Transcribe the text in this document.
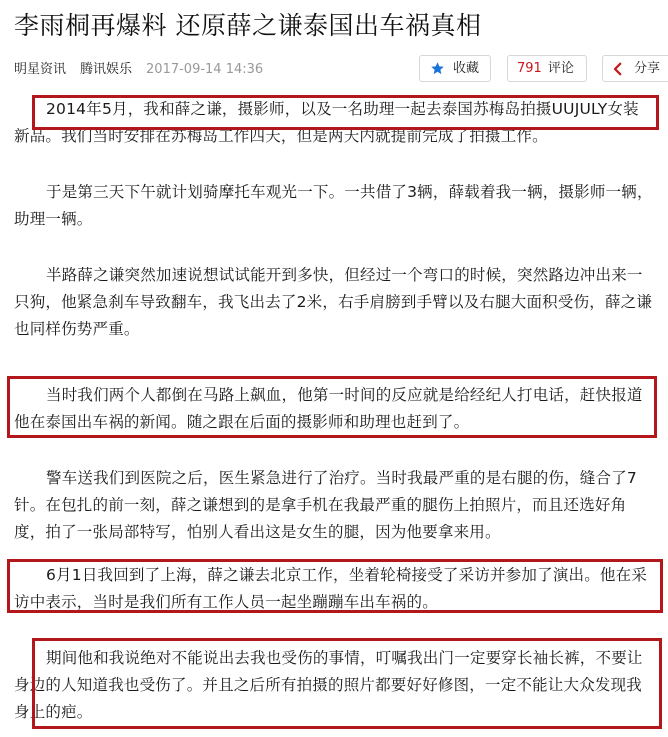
李雨桐再爆料 还原薛之谦泰国出车祸真相
明星资讯 腾讯娱乐 2017-09-14 14:36	收藏	791 评论	分享

2014年5月，我和薛之谦，摄影师，以及一名助理一起去泰国苏梅岛拍摄UUJULY女装新品。我们当时安排在苏梅岛工作四天，但是两天内就提前完成了拍摄工作。

于是第三天下午就计划骑摩托车观光一下。一共借了3辆，薛载着我一辆，摄影师一辆，助理一辆。

半路薛之谦突然加速说想试试能开到多快，但经过一个弯口的时候，突然路边冲出来一只狗，他紧急刹车导致翻车，我飞出去了2米，右手肩膀到手臂以及右腿大面积受伤，薛之谦也同样伤势严重。

当时我们两个人都倒在马路上飙血，他第一时间的反应就是给经纪人打电话，赶快报道他在泰国出车祸的新闻。随之跟在后面的摄影师和助理也赶到了。

警车送我们到医院之后，医生紧急进行了治疗。当时我最严重的是右腿的伤，缝合了7针。在包扎的前一刻，薛之谦想到的是拿手机在我最严重的腿伤上拍照片，而且还选好角度，拍了一张局部特写，怕别人看出这是女生的腿，因为他要拿来用。

6月1日我回到了上海，薛之谦去北京工作，坐着轮椅接受了采访并参加了演出。他在采访中表示，当时是我们所有工作人员一起坐蹦蹦车出车祸的。

期间他和我说绝对不能说出去我也受伤的事情，叮嘱我出门一定要穿长袖长裤，不要让身边的人知道我也受伤了。并且之后所有拍摄的照片都要好好修图，一定不能让大众发现我身上的疤。
